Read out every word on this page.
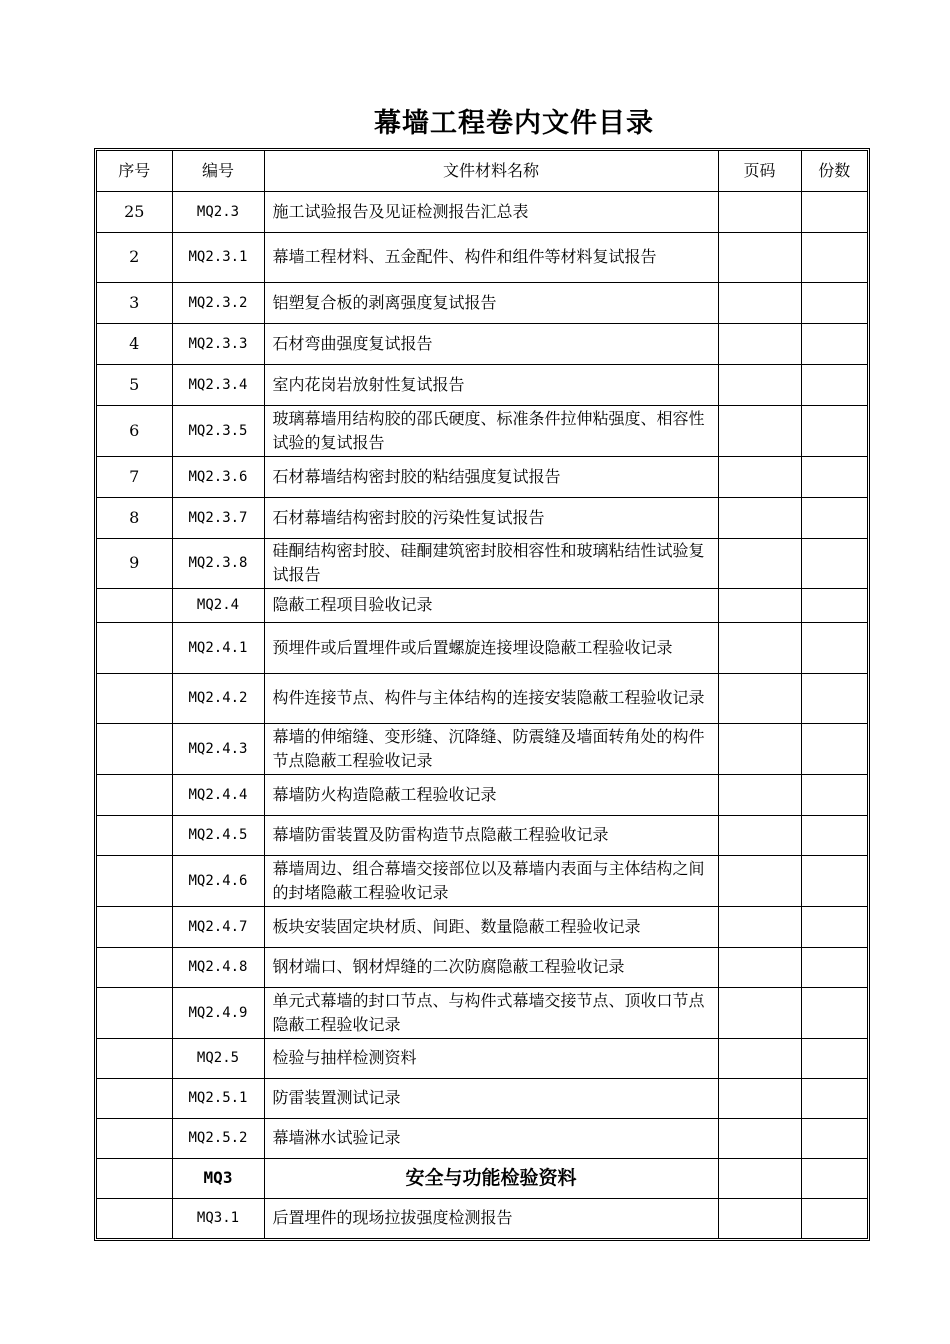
幕墙工程卷内文件目录
序号	编号	文件材料名称	页码	份数
25	MQ2.3	施工试验报告及见证检测报告汇总表		
2	MQ2.3.1	幕墙工程材料、五金配件、构件和组件等材料复试报告		
3	MQ2.3.2	铝塑复合板的剥离强度复试报告		
4	MQ2.3.3	石材弯曲强度复试报告		
5	MQ2.3.4	室内花岗岩放射性复试报告		
6	MQ2.3.5	玻璃幕墙用结构胶的邵氏硬度、标准条件拉伸粘强度、相容性试验的复试报告		
7	MQ2.3.6	石材幕墙结构密封胶的粘结强度复试报告		
8	MQ2.3.7	石材幕墙结构密封胶的污染性复试报告		
9	MQ2.3.8	硅酮结构密封胶、硅酮建筑密封胶相容性和玻璃粘结性试验复试报告		
	MQ2.4	隐蔽工程项目验收记录		
	MQ2.4.1	预埋件或后置埋件或后置螺旋连接埋设隐蔽工程验收记录		
	MQ2.4.2	构件连接节点、构件与主体结构的连接安装隐蔽工程验收记录		
	MQ2.4.3	幕墙的伸缩缝、变形缝、沉降缝、防震缝及墙面转角处的构件节点隐蔽工程验收记录		
	MQ2.4.4	幕墙防火构造隐蔽工程验收记录		
	MQ2.4.5	幕墙防雷装置及防雷构造节点隐蔽工程验收记录		
	MQ2.4.6	幕墙周边、组合幕墙交接部位以及幕墙内表面与主体结构之间的封堵隐蔽工程验收记录		
	MQ2.4.7	板块安装固定块材质、间距、数量隐蔽工程验收记录		
	MQ2.4.8	钢材端口、钢材焊缝的二次防腐隐蔽工程验收记录		
	MQ2.4.9	单元式幕墙的封口节点、与构件式幕墙交接节点、顶收口节点隐蔽工程验收记录		
	MQ2.5	检验与抽样检测资料		
	MQ2.5.1	防雷装置测试记录		
	MQ2.5.2	幕墙淋水试验记录		
	MQ3	安全与功能检验资料		
	MQ3.1	后置埋件的现场拉拔强度检测报告		
